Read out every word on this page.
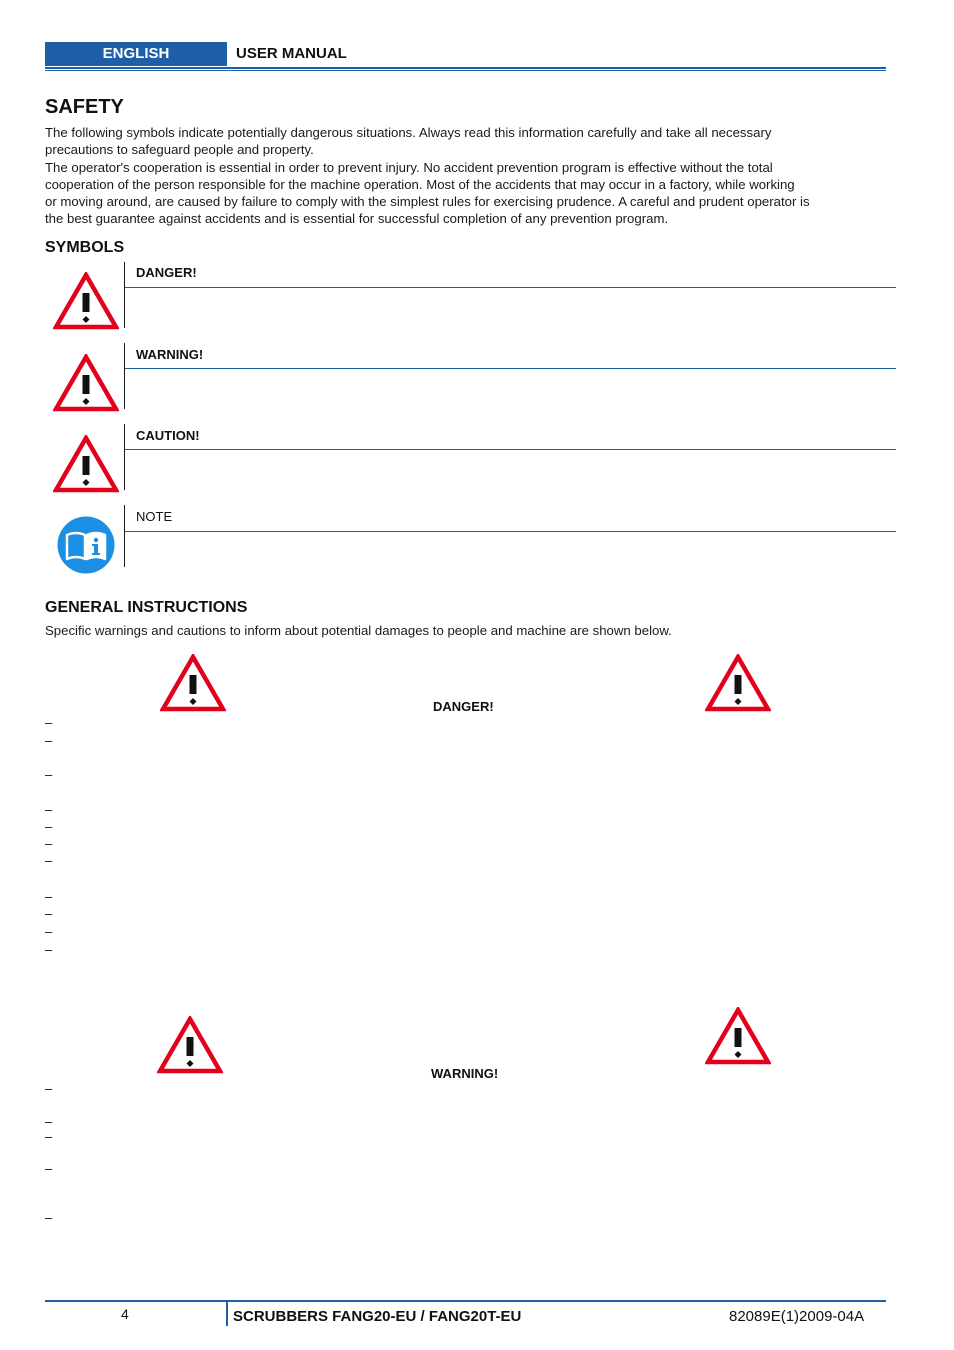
ENGLISH	USER MANUAL
SAFETY
The following symbols indicate potentially dangerous situations. Always read this information carefully and take all necessary
precautions to safeguard people and property.
The operator's cooperation is essential in order to prevent injury. No accident prevention program is effective without the total
cooperation of the person responsible for the machine operation. Most of the accidents that may occur in a factory, while working
or moving around, are caused by failure to comply with the simplest rules for exercising prudence. A careful and prudent operator is
the best guarantee against accidents and is essential for successful completion of any prevention program.
SYMBOLS
DANGER!
WARNING!
CAUTION!
NOTE
GENERAL INSTRUCTIONS
Specific warnings and cautions to inform about potential damages to people and machine are shown below.
DANGER!
–
–
–
–
–
–
–
–
–
–
–
WARNING!
–
–
–
–
–
4	SCRUBBERS FANG20-EU / FANG20T-EU	82089E(1)2009-04A
